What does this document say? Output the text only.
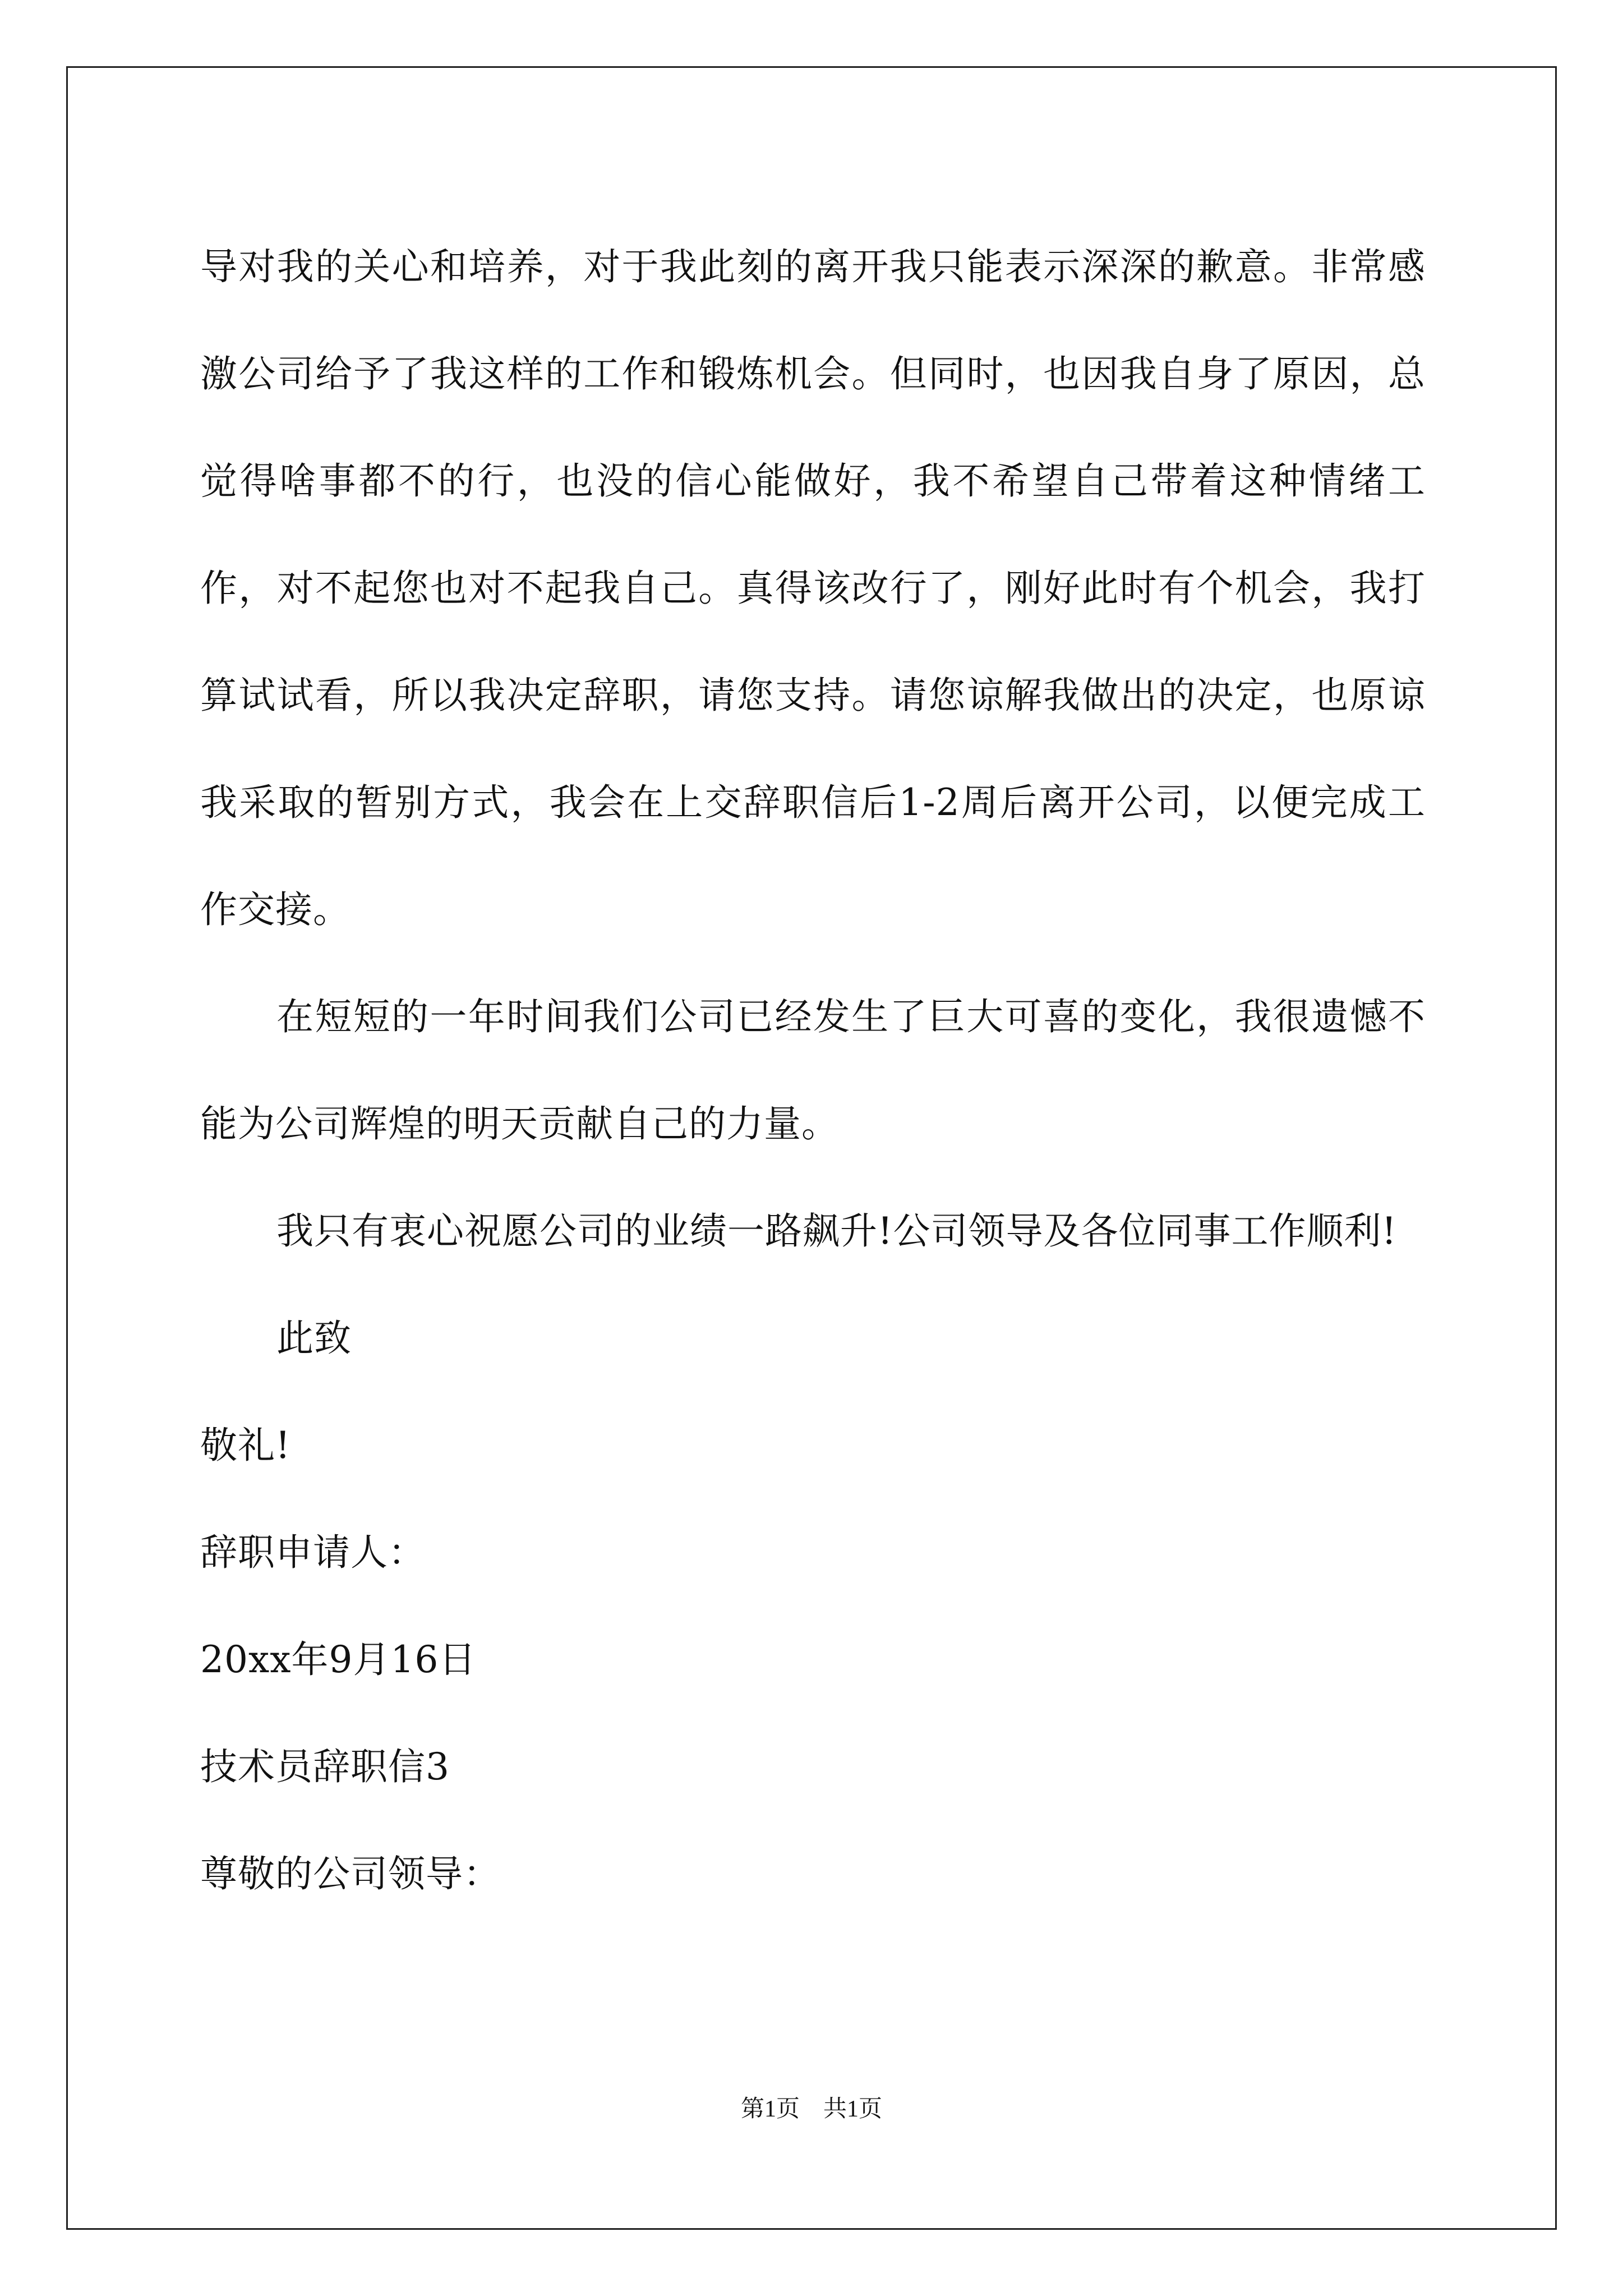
导对我的关心和培养，对于我此刻的离开我只能表示深深的歉意。非常感激公司给予了我这样的工作和锻炼机会。但同时，也因我自身了原因，总觉得啥事都不的行，也没的信心能做好，我不希望自己带着这种情绪工作，对不起您也对不起我自己。真得该改行了，刚好此时有个机会，我打算试试看，所以我决定辞职，请您支持。请您谅解我做出的决定，也原谅我采取的暂别方式，我会在上交辞职信后1-2周后离开公司，以便完成工作交接。

在短短的一年时间我们公司已经发生了巨大可喜的变化，我很遗憾不能为公司辉煌的明天贡献自己的力量。

我只有衷心祝愿公司的业绩一路飙升!公司领导及各位同事工作顺利!

此致

敬礼!

辞职申请人：

20xx年9月16日

技术员辞职信3

尊敬的公司领导：

第1页　共1页
